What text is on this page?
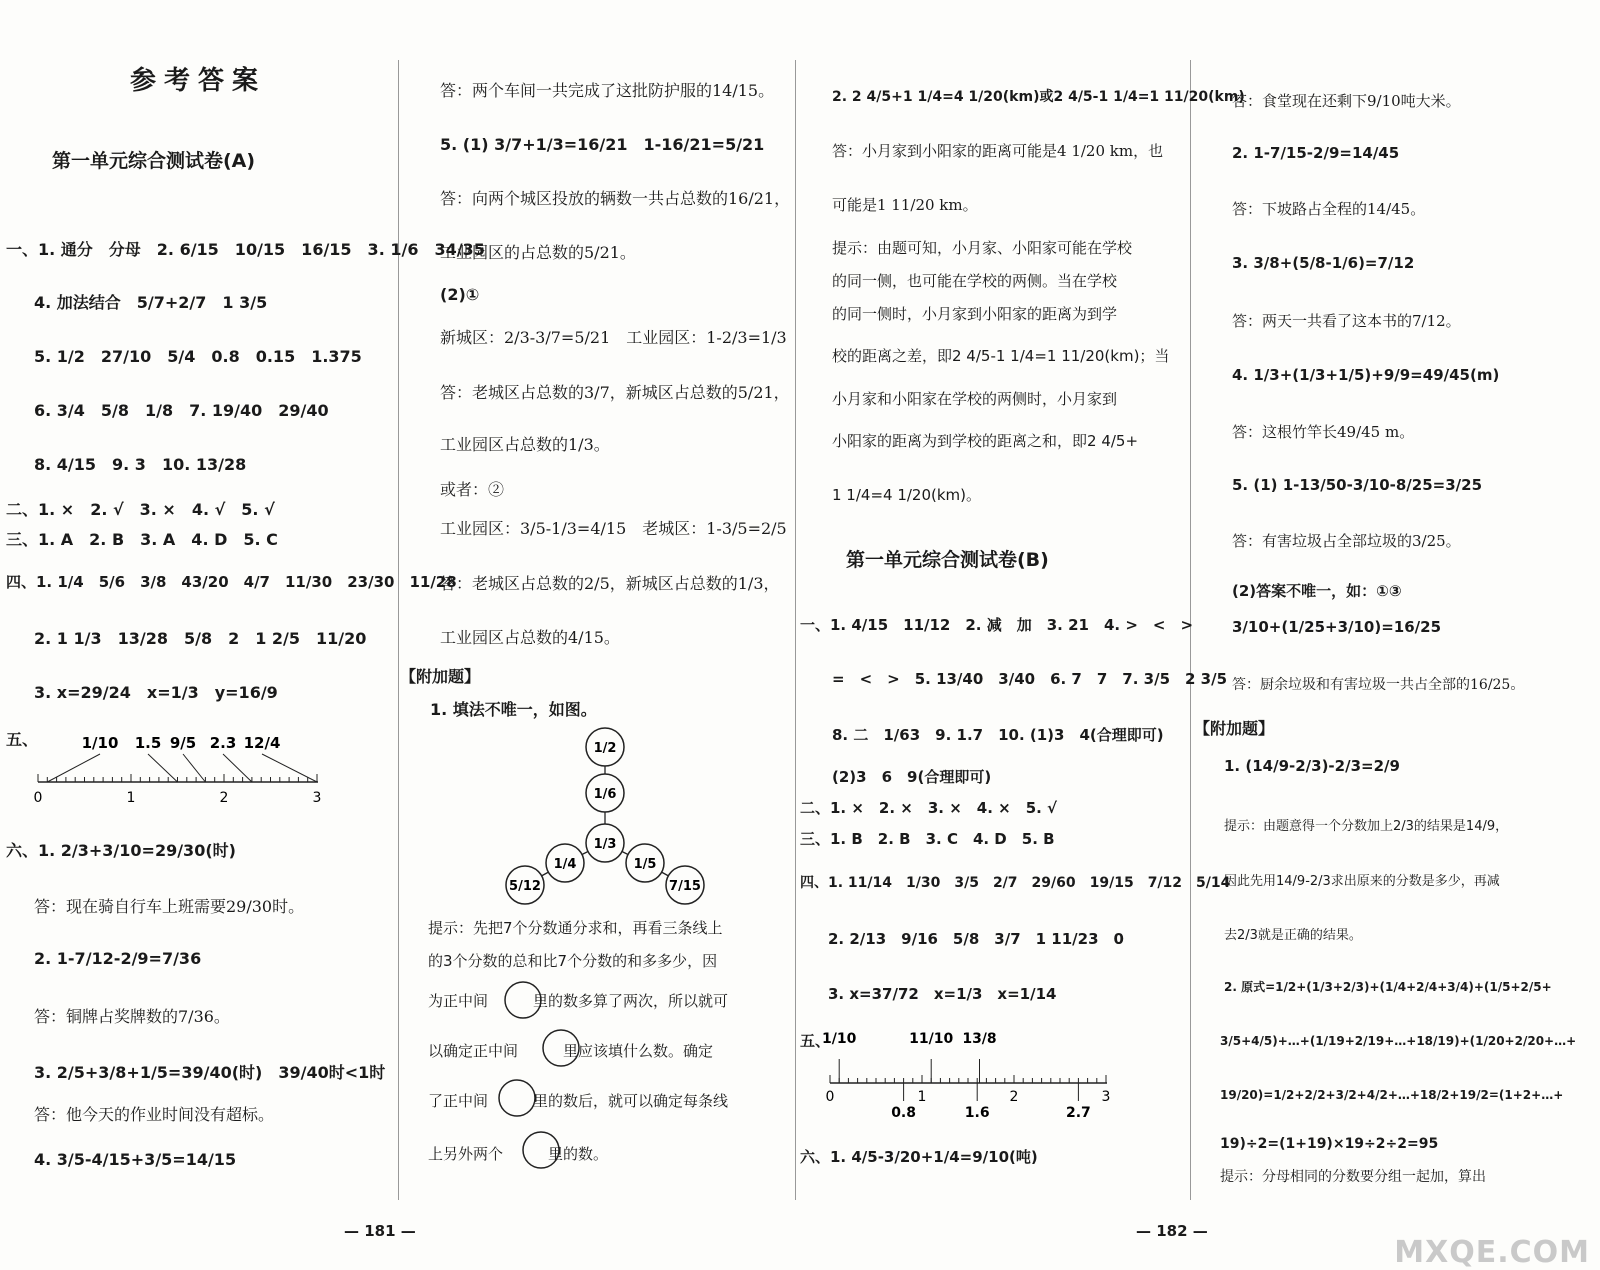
参考答案
第一单元综合测试卷(A)
一、1. 通分　分母　2. 6/15　10/15　16/15　3. 1/6　34/35
4. 加法结合　5/7+2/7　1 3/5
5. 1/2　27/10　5/4　0.8　0.15　1.375
6. 3/4　5/8　1/8　7. 19/40　29/40
8. 4/15　9. 3　10. 13/28
二、1. ×　2. √　3. ×　4. √　5. √
三、1. A　2. B　3. A　4. D　5. C
四、1. 1/4　5/6　3/8　43/20　4/7　11/30　23/30　11/28
2. 1 1/3　13/28　5/8　2　1 2/5　11/20
3. x=29/24　x=1/3　y=16/9
五、	1/10 1.5 9/5 2.3 12/4
0	1	2	3
六、1. 2/3+3/10=29/30(时)
答：现在骑自行车上班需要29/30时。
2. 1-7/12-2/9=7/36
答：铜牌占奖牌数的7/36。
3. 2/5+3/8+1/5=39/40(时)　39/40时<1时
答：他今天的作业时间没有超标。
4. 3/5-4/15+3/5=14/15
答：两个车间一共完成了这批防护服的14/15。
5. (1) 3/7+1/3=16/21　1-16/21=5/21
答：向两个城区投放的辆数一共占总数的16/21，
工业园区的占总数的5/21。
(2)①
新城区：2/3-3/7=5/21　工业园区：1-2/3=1/3
答：老城区占总数的3/7，新城区占总数的5/21，
工业园区占总数的1/3。
或者：②
工业园区：3/5-1/3=4/15　老城区：1-3/5=2/5
答：老城区占总数的2/5，新城区占总数的1/3，
工业园区占总数的4/15。
【附加题】
1. 填法不唯一，如图。
1/2
1/6
1/3
1/4	1/5
5/12	7/15
提示：先把7个分数通分求和，再看三条线上
的3个分数的总和比7个分数的和多多少，因
为正中间　　　里的数多算了两次，所以就可
以确定正中间　　　里应该填什么数。确定
了正中间　　　里的数后，就可以确定每条线
上另外两个　　　里的数。
2. 2 4/5+1 1/4=4 1/20(km)或2 4/5-1 1/4=1 11/20(km)
答：小月家到小阳家的距离可能是4 1/20 km，也
可能是1 11/20 km。
提示：由题可知，小月家、小阳家可能在学校
的同一侧，也可能在学校的两侧。当在学校
的同一侧时，小月家到小阳家的距离为到学
校的距离之差，即2 4/5-1 1/4=1 11/20(km)；当
小月家和小阳家在学校的两侧时，小月家到
小阳家的距离为到学校的距离之和，即2 4/5+
1 1/4=4 1/20(km)。
第一单元综合测试卷(B)
一、1. 4/15　11/12　2. 减　加　3. 21　4. >　<　>
=　<　>　5. 13/40　3/40　6. 7　7　7. 3/5　2 3/5
8. 二　1/63　9. 1.7　10. (1)3　4(合理即可)
(2)3　6　9(合理即可)
二、1. ×　2. ×　3. ×　4. ×　5. √
三、1. B　2. B　3. C　4. D　5. B
四、1. 11/14　1/30　3/5　2/7　29/60　19/15　7/12　5/14
2. 2/13　9/16　5/8　3/7　1 11/23　0
3. x=37/72　x=1/3　x=1/14
五、
1/10	11/10 13/8
0	1	2	3
0.8	1.6	2.7
六、1. 4/5-3/20+1/4=9/10(吨)
答：食堂现在还剩下9/10吨大米。
2. 1-7/15-2/9=14/45
答：下坡路占全程的14/45。
3. 3/8+(5/8-1/6)=7/12
答：两天一共看了这本书的7/12。
4. 1/3+(1/3+1/5)+9/9=49/45(m)
答：这根竹竿长49/45 m。
5. (1) 1-13/50-3/10-8/25=3/25
答：有害垃圾占全部垃圾的3/25。
(2)答案不唯一，如：①③
3/10+(1/25+3/10)=16/25
答：厨余垃圾和有害垃圾一共占全部的16/25。
【附加题】
1. (14/9-2/3)-2/3=2/9
提示：由题意得一个分数加上2/3的结果是14/9，
因此先用14/9-2/3求出原来的分数是多少，再减
去2/3就是正确的结果。
2. 原式=1/2+(1/3+2/3)+(1/4+2/4+3/4)+(1/5+2/5+
3/5+4/5)+…+(1/19+2/19+…+18/19)+(1/20+2/20+…+
19/20)=1/2+2/2+3/2+4/2+…+18/2+19/2=(1+2+…+
19)÷2=(1+19)×19÷2÷2=95
提示：分母相同的分数要分组一起加，算出
— 181 —	— 182 —
MXQE.COM
